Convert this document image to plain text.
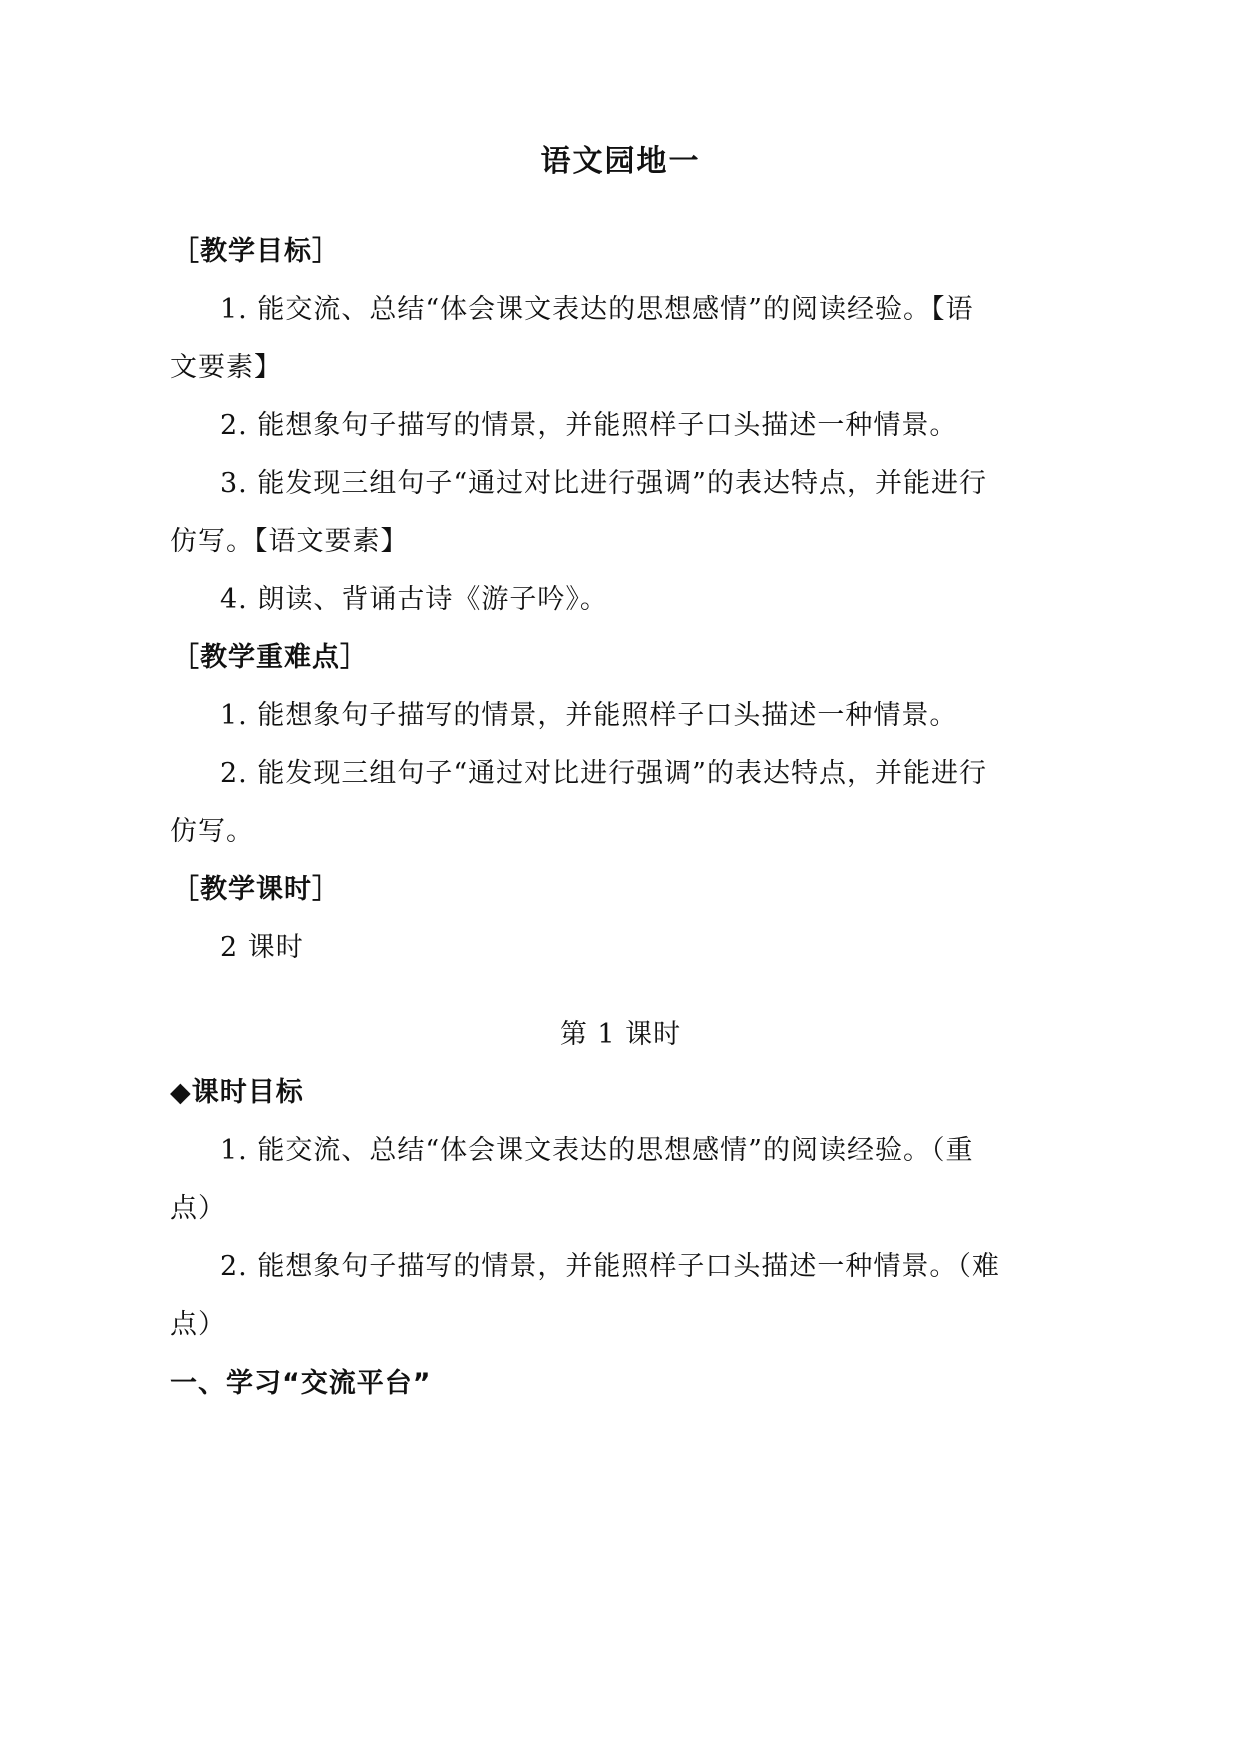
语文园地一
［教学目标］
1. 能交流、总结“体会课文表达的思想感情”的阅读经验。【语
文要素】
2. 能想象句子描写的情景，并能照样子口头描述一种情景。
3. 能发现三组句子“通过对比进行强调”的表达特点，并能进行
仿写。【语文要素】
4. 朗读、背诵古诗《游子吟》。
［教学重难点］
1. 能想象句子描写的情景，并能照样子口头描述一种情景。
2. 能发现三组句子“通过对比进行强调”的表达特点，并能进行
仿写。
［教学课时］
2 课时
第 1 课时
◆课时目标
1. 能交流、总结“体会课文表达的思想感情”的阅读经验。（重
点）
2. 能想象句子描写的情景，并能照样子口头描述一种情景。（难
点）
一、学习“交流平台”
